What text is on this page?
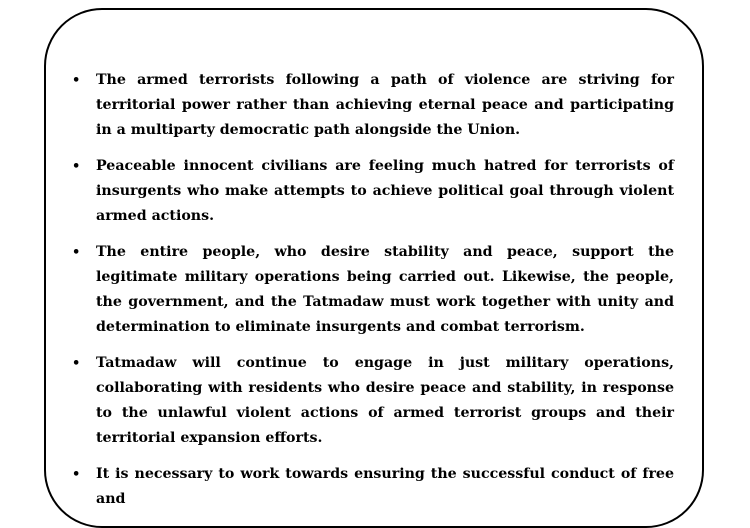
• The armed terrorists following a path of violence are striving for territorial power rather than achieving eternal peace and participating in a multiparty democratic path alongside the Union.
• Peaceable innocent civilians are feeling much hatred for terrorists of insurgents who make attempts to achieve political goal through violent armed actions.
• The entire people, who desire stability and peace, support the legitimate military operations being carried out. Likewise, the people, the government, and the Tatmadaw must work together with unity and determination to eliminate insurgents and combat terrorism.
• Tatmadaw will continue to engage in just military operations, collaborating with residents who desire peace and stability, in response to the unlawful violent actions of armed terrorist groups and their territorial expansion efforts.
• It is necessary to work towards ensuring the successful conduct of free and
